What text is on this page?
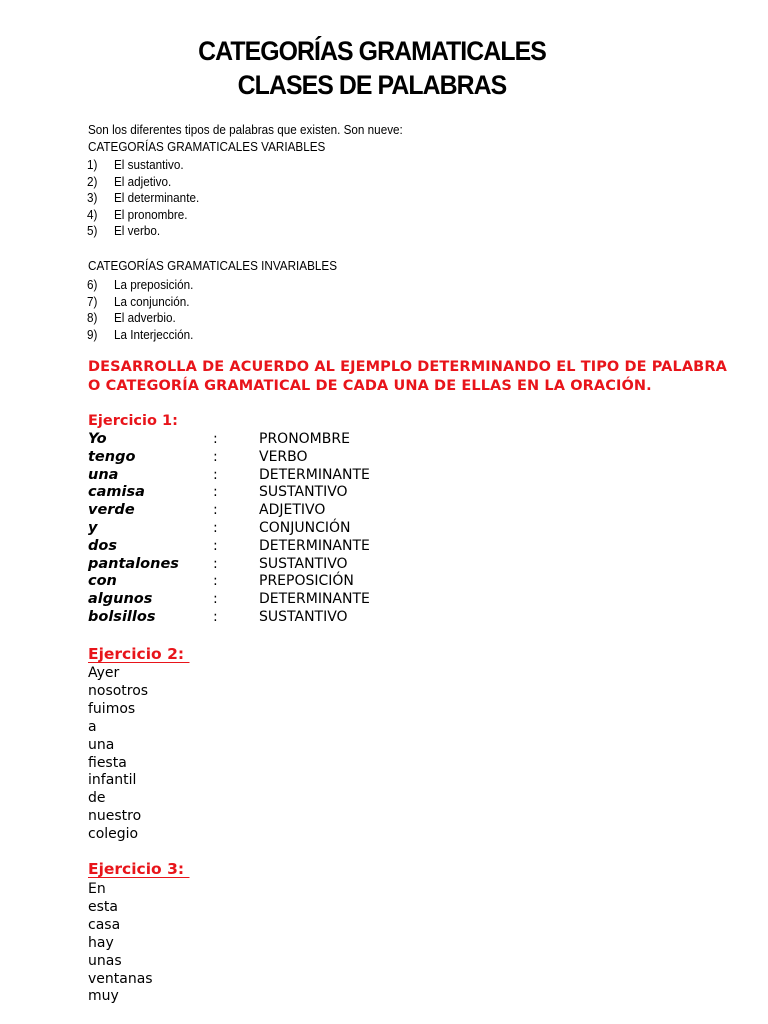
CATEGORÍAS GRAMATICALES
CLASES DE PALABRAS
Son los diferentes tipos de palabras que existen. Son nueve:
CATEGORÍAS GRAMATICALES VARIABLES
1) El sustantivo.
2) El adjetivo.
3) El determinante.
4) El pronombre.
5) El verbo.
CATEGORÍAS GRAMATICALES INVARIABLES
6) La preposición.
7) La conjunción.
8) El adverbio.
9) La Interjección.
DESARROLLA DE ACUERDO AL EJEMPLO DETERMINANDO EL TIPO DE PALABRA O CATEGORÍA GRAMATICAL DE CADA UNA DE ELLAS EN LA ORACIÓN.
Ejercicio 1:
Yo	:	PRONOMBRE
tengo	:	VERBO
una	:	DETERMINANTE
camisa	:	SUSTANTIVO
verde	:	ADJETIVO
y	:	CONJUNCIÓN
dos	:	DETERMINANTE
pantalones :	SUSTANTIVO
con	:	PREPOSICIÓN
algunos	:	DETERMINANTE
bolsillos	:	SUSTANTIVO
Ejercicio 2:
Ayer
nosotros
fuimos
a
una
fiesta
infantil
de
nuestro
colegio
Ejercicio 3:
En
esta
casa
hay
unas
ventanas
muy
